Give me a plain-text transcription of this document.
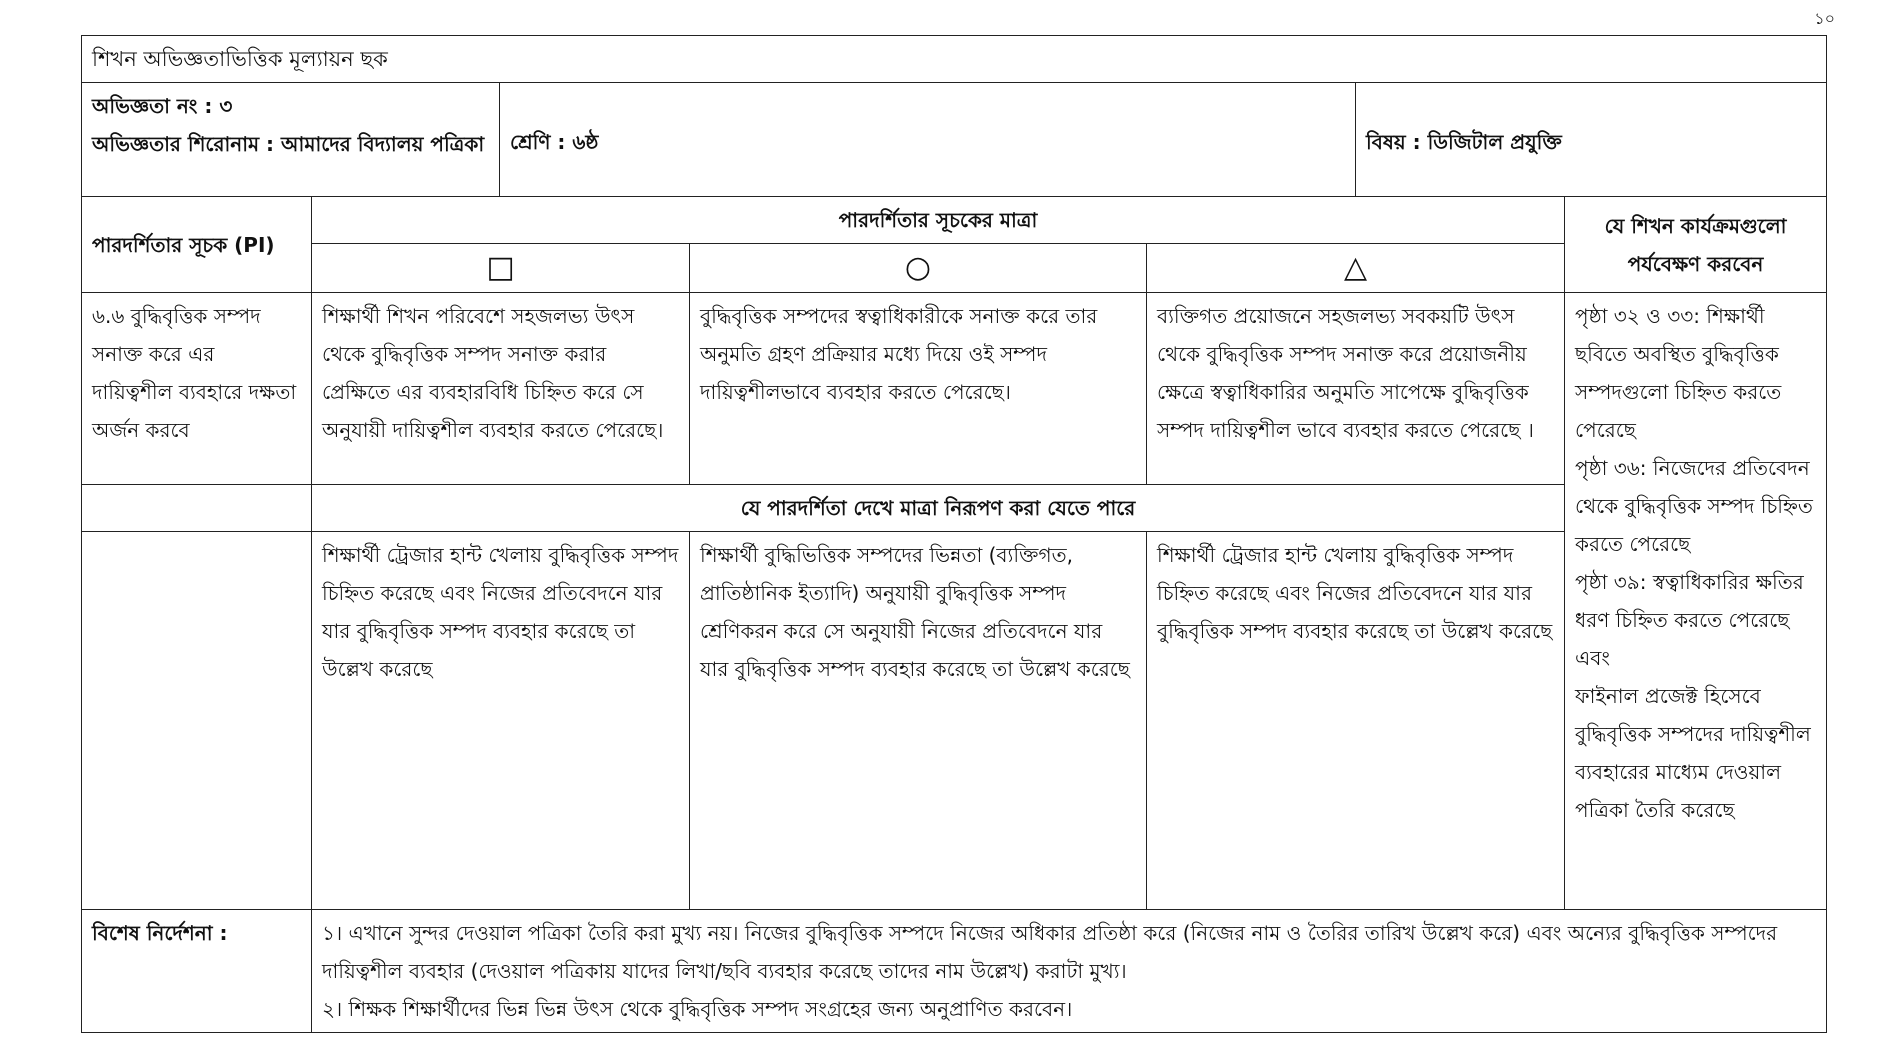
১০
শিখন অভিজ্ঞতাভিত্তিক মূল্যায়ন ছক						

অভিজ্ঞতা নং : ৩
অভিজ্ঞতার শিরোনাম : আমাদের বিদ্যালয় পত্রিকা		শ্রেণি : ৬ষ্ঠ			বিষয় : ডিজিটাল প্রযুক্তি	
পারদর্শিতার সূচক (PI)	পারদর্শিতার সূচকের মাত্রা					যে শিখন কার্যক্রমগুলো
পর্যবেক্ষণ করবেন

	□		○	△		
৬.৬ বুদ্ধিবৃত্তিক সম্পদ সনাক্ত করে এর দায়িত্বশীল ব্যবহারে দক্ষতা অর্জন করবে	শিক্ষার্থী শিখন পরিবেশে সহজলভ্য উৎস থেকে বুদ্ধিবৃত্তিক সম্পদ সনাক্ত করার প্রেক্ষিতে এর ব্যবহারবিধি চিহ্নিত করে সে অনুযায়ী দায়িত্বশীল ব্যবহার করতে পেরেছে।		বুদ্ধিবৃত্তিক সম্পদের স্বত্বাধিকারীকে সনাক্ত করে তার অনুমতি গ্রহণ প্রক্রিয়ার মধ্যে দিয়ে ওই সম্পদ দায়িত্বশীলভাবে ব্যবহার করতে পেরেছে।	ব্যক্তিগত প্রয়োজনে সহজলভ্য সবকয়টি উৎস থেকে বুদ্ধিবৃত্তিক সম্পদ সনাক্ত করে প্রয়োজনীয় ক্ষেত্রে স্বত্বাধিকারির অনুমতি সাপেক্ষে বুদ্ধিবৃত্তিক সম্পদ দায়িত্বশীল ভাবে ব্যবহার করতে পেরেছে ।		পৃষ্ঠা ৩২ ও ৩৩: শিক্ষার্থী ছবিতে অবস্থিত বুদ্ধিবৃত্তিক সম্পদগুলো চিহ্নিত করতে পেরেছে
পৃষ্ঠা ৩৬: নিজেদের প্রতিবেদন থেকে বুদ্ধিবৃত্তিক সম্পদ চিহ্নিত করতে পেরেছে
পৃষ্ঠা ৩৯: স্বত্বাধিকারির ক্ষতির ধরণ চিহ্নিত করতে পেরেছে এবং
ফাইনাল প্রজেক্ট হিসেবে বুদ্ধিবৃত্তিক সম্পদের দায়িত্বশীল ব্যবহারের মাধ্যেম দেওয়াল পত্রিকা তৈরি করেছে

	যে পারদর্শিতা দেখে মাত্রা নিরূপণ করা যেতে পারে					
	শিক্ষার্থী ট্রেজার হান্ট খেলায় বুদ্ধিবৃত্তিক সম্পদ চিহ্নিত করেছে এবং নিজের প্রতিবেদনে যার যার বুদ্ধিবৃত্তিক সম্পদ ব্যবহার করেছে তা উল্লেখ করেছে		শিক্ষার্থী বুদ্ধিভিত্তিক সম্পদের ভিন্নতা (ব্যক্তিগত, প্রাতিষ্ঠানিক ইত্যাদি) অনুযায়ী বুদ্ধিবৃত্তিক সম্পদ শ্রেণিকরন করে সে অনুযায়ী নিজের প্রতিবেদনে যার যার বুদ্ধিবৃত্তিক সম্পদ ব্যবহার করেছে তা উল্লেখ করেছে	শিক্ষার্থী ট্রেজার হান্ট খেলায় বুদ্ধিবৃত্তিক সম্পদ চিহ্নিত করেছে এবং নিজের প্রতিবেদনে যার যার বুদ্ধিবৃত্তিক সম্পদ ব্যবহার করেছে তা উল্লেখ করেছে		
বিশেষ নির্দেশনা :	১। এখানে সুন্দর দেওয়াল পত্রিকা তৈরি করা মুখ্য নয়। নিজের বুদ্ধিবৃত্তিক সম্পদে নিজের অধিকার প্রতিষ্ঠা করে (নিজের নাম ও তৈরির তারিখ উল্লেখ করে) এবং অন্যের বুদ্ধিবৃত্তিক সম্পদের দায়িত্বশীল ব্যবহার (দেওয়াল পত্রিকায় যাদের লিখা/ছবি ব্যবহার করেছে তাদের নাম উল্লেখ) করাটা মুখ্য।
২। শিক্ষক শিক্ষার্থীদের ভিন্ন ভিন্ন উৎস থেকে বুদ্ধিবৃত্তিক সম্পদ সংগ্রহের জন্য অনুপ্রাণিত করবেন।					
